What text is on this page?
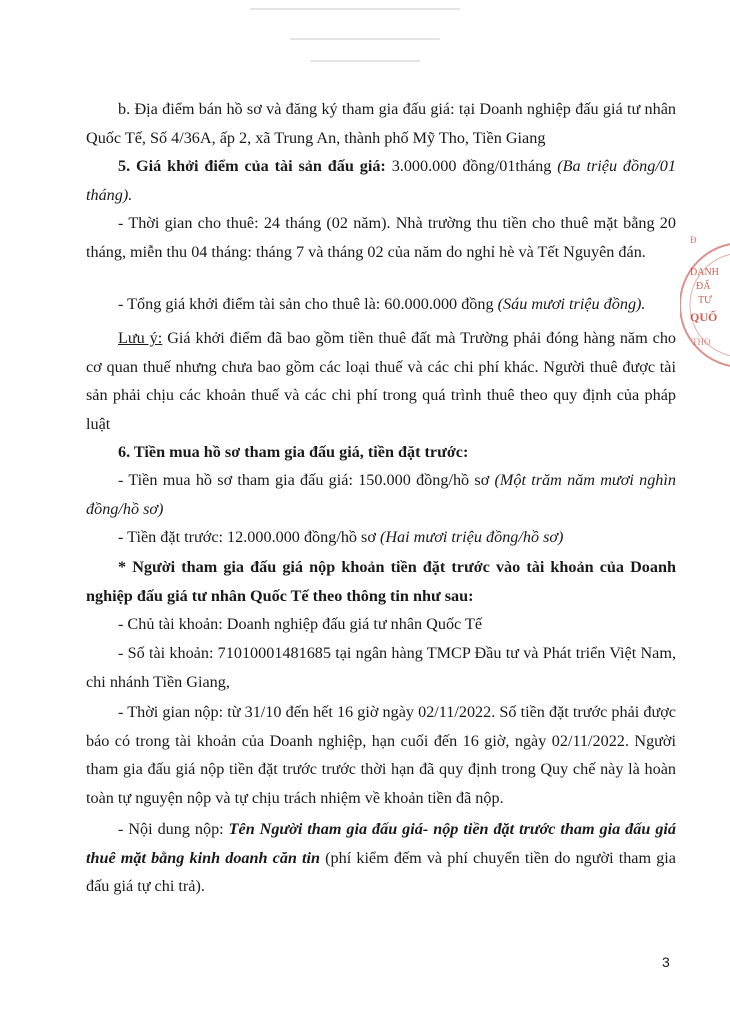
b. Địa điểm bán hồ sơ và đăng ký tham gia đấu giá: tại Doanh nghiệp đấu giá tư nhân Quốc Tế, Số 4/36A, ấp 2, xã Trung An, thành phố Mỹ Tho, Tiền Giang

5. Giá khởi điểm của tài sản đấu giá: 3.000.000 đồng/01tháng (Ba triệu đồng/01 tháng).

- Thời gian cho thuê: 24 tháng (02 năm). Nhà trường thu tiền cho thuê mặt bằng 20 tháng, miễn thu 04 tháng: tháng 7 và tháng 02 của năm do nghỉ hè và Tết Nguyên đán.

- Tổng giá khởi điểm tài sản cho thuê là: 60.000.000 đồng (Sáu mươi triệu đồng).

Lưu ý: Giá khởi điểm đã bao gồm tiền thuê đất mà Trường phải đóng hàng năm cho cơ quan thuế nhưng chưa bao gồm các loại thuế và các chi phí khác. Người thuê được tài sản phải chịu các khoản thuế và các chi phí trong quá trình thuê theo quy định của pháp luật

6. Tiền mua hồ sơ tham gia đấu giá, tiền đặt trước:

- Tiền mua hồ sơ tham gia đấu giá: 150.000 đồng/hồ sơ (Một trăm năm mươi nghìn đồng/hồ sơ)

- Tiền đặt trước: 12.000.000 đồng/hồ sơ (Hai mươi triệu đồng/hồ sơ)

* Người tham gia đấu giá nộp khoản tiền đặt trước vào tài khoản của Doanh nghiệp đấu giá tư nhân Quốc Tế theo thông tin như sau:

- Chủ tài khoản: Doanh nghiệp đấu giá tư nhân Quốc Tế

- Số tài khoản: 71010001481685 tại ngân hàng TMCP Đầu tư và Phát triển Việt Nam, chi nhánh Tiền Giang,

- Thời gian nộp: từ 31/10 đến hết 16 giờ ngày 02/11/2022. Số tiền đặt trước phải được báo có trong tài khoản của Doanh nghiệp, hạn cuối đến 16 giờ, ngày 02/11/2022. Người tham gia đấu giá nộp tiền đặt trước trước thời hạn đã quy định trong Quy chế này là hoàn toàn tự nguyện nộp và tự chịu trách nhiệm về khoản tiền đã nộp.

- Nội dung nộp: Tên Người tham gia đấu giá- nộp tiền đặt trước tham gia đấu giá thuê mặt bằng kinh doanh căn tin (phí kiểm đếm và phí chuyển tiền do người tham gia đấu giá tự chi trả).

Đ
DANH
ĐẤ
TƯ
QUỐ
THO
3
